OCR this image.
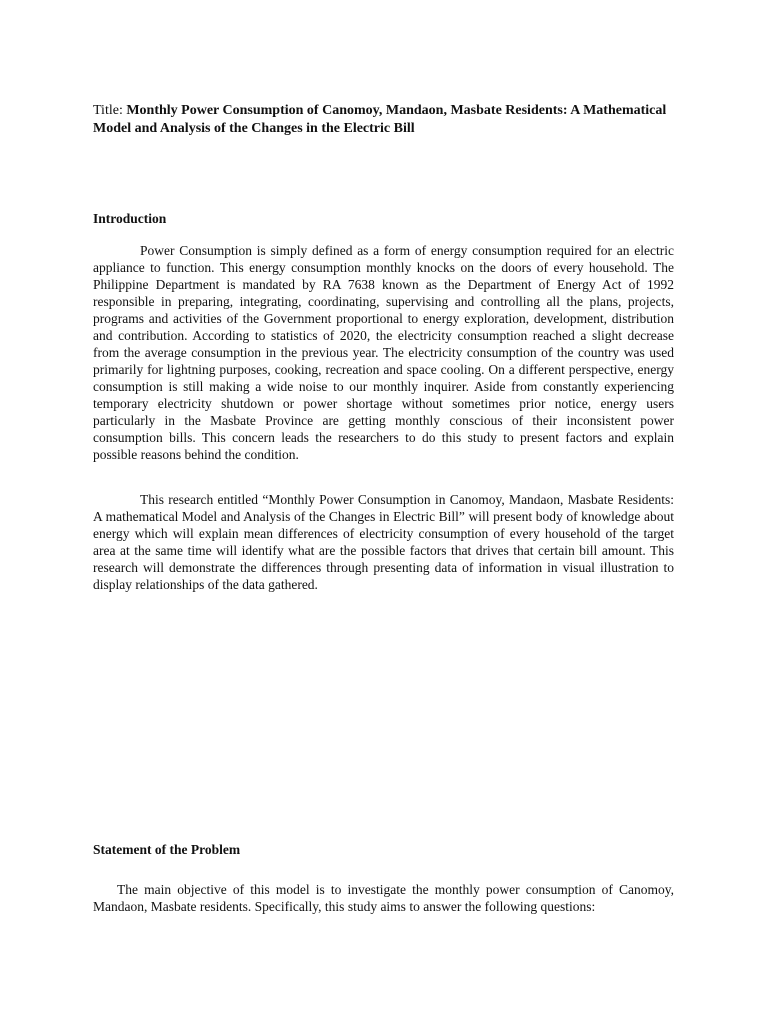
Title: Monthly Power Consumption of Canomoy, Mandaon, Masbate Residents: A Mathematical Model and Analysis of the Changes in the Electric Bill
Introduction

Power Consumption is simply defined as a form of energy consumption required for an electric appliance to function. This energy consumption monthly knocks on the doors of every household. The Philippine Department is mandated by RA 7638 known as the Department of Energy Act of 1992 responsible in preparing, integrating, coordinating, supervising and controlling all the plans, projects, programs and activities of the Government proportional to energy exploration, development, distribution and contribution. According to statistics of 2020, the electricity consumption reached a slight decrease from the average consumption in the previous year. The electricity consumption of the country was used primarily for lightning purposes, cooking, recreation and space cooling. On a different perspective, energy consumption is still making a wide noise to our monthly inquirer. Aside from constantly experiencing temporary electricity shutdown or power shortage without sometimes prior notice, energy users particularly in the Masbate Province are getting monthly conscious of their inconsistent power consumption bills. This concern leads the researchers to do this study to present factors and explain possible reasons behind the condition.

This research entitled “Monthly Power Consumption in Canomoy, Mandaon, Masbate Residents: A mathematical Model and Analysis of the Changes in Electric Bill” will present body of knowledge about energy which will explain mean differences of electricity consumption of every household of the target area at the same time will identify what are the possible factors that drives that certain bill amount. This research will demonstrate the differences through presenting data of information in visual illustration to display relationships of the data gathered.

Statement of the Problem

The main objective of this model is to investigate the monthly power consumption of Canomoy, Mandaon, Masbate residents. Specifically, this study aims to answer the following questions:
